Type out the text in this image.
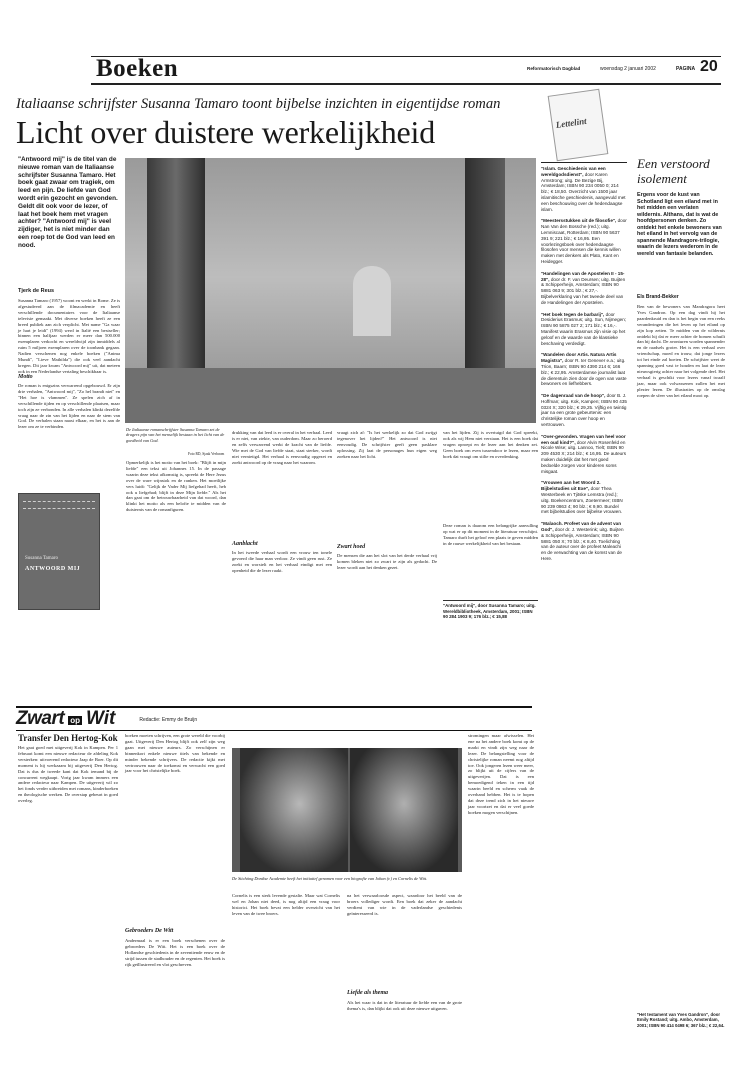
Boeken	Reformatorisch Dagblad	woensdag 2 januari 2002	PAGINA 20
Italiaanse schrijfster Susanna Tamaro toont bijbelse inzichten in eigentijdse roman
Licht over duistere werkelijkheid
"Antwoord mij" is de titel van de nieuwe roman van de Italiaanse schrijfster Susanna Tamaro. Het boek gaat zwaar om tragiek, om leed en pijn. De liefde van God wordt erin gezocht en gevonden. Geldt dit ook voor de lezer, of laat het boek hem met vragen achter? "Antwoord mij" is veel zijdiger, het is niet minder dan een roep tot de God van leed en nood.
Tjerk de Reus
Susanna Tamaro (1957) woont en werkt in Rome. Ze is afgestudeerd aan de filmacademie en heeft verschillende documentaires voor de Italiaanse televisie gemaakt. Met diverse boeken heeft ze een breed publiek aan zich verplicht. Met name "Ga waar je hart je leidt" (1994) werd in Italië een bestseller; binnen een halfjaar werden er meer dan 500.000 exemplaren verkocht en wereldwijd zijn inmiddels al ruim 5 miljoen exemplaren over de toonbank gegaan. Nadien verschenen nog enkele boeken ("Anima Mundi", "Lieve Mathilda") die ook veel aandacht kregen. Dit jaar kwam "Antwoord mij" uit, dat meteen ook in een Nederlandse vertaling beschikbaar is.
Motto
De roman is enigszins verwarrend opgebouwd. Er zijn drie verhalen, "Antwoord mij", "Zo hel brandt niet" en "Het hoe is vlammen". Ze spelen zich af in verschillende tijden en op verschillende plaatsen, maar toch zijn ze verbonden. In alle verhalen klinkt dezelfde vraag naar de zin van het lijden en naar de stem van God. De verhalen staan naast elkaar, en het is aan de lezer om ze te verbinden.
Susanna Tamaro
ANTWOORD MIJ
De Italiaanse romanschrijfster Susanna Tamaro zet de dragers pijn van het menselijk bestaan in het licht van de goedheid van God.
Foto RD, Sjaak Verboom
Opmerkelijk is het motto van het boek: "Blijft in mijn liefde" een tekst uit Johannes 15. In de passage waarin deze tekst afkomstig is, spreekt de Here Jezus over de ware wijnstok en de ranken. Het moeilijke vers luidt: "Gelijk de Vader Mij liefgehad heeft, heb ook u liefgehad; blijft in deze Mijn liefde." Als het dan gaat om de betrouwbaarheid van dat woord, dan klinkt het motto als een belofte te midden van de duisternis van de romanfiguren.
drukking van dat leed is er overal in het verhaal. Leed is er niet, van ziekte, van ouderdom. Maar zo beroerd en zelfs verwarrend werkt de kracht van de liefde. Wie met de God van liefde staat, staat sterker, wordt niet vernietigd. Het verhaal is eenvoudig opgezet en zoekt antwoord op de vraag naar het waarom.
Aanblacht
In het tweede verhaal wordt een vrouw ten tonele gevoerd die haar man verloor. Ze vindt geen rust. Ze zoekt en worstelt en het verhaal eindigt met een openheid die de lezer raakt.
vraagt zich af: "Is het werkelijk zo dat God zwijgt tegenover het lijden?" Het antwoord is niet eenvoudig. De schrijfster geeft geen pasklare oplossing. Zij laat de personages hun eigen weg zoeken naar het licht.
Zwart hoed
De mensen die aan het slot van het derde verhaal vrij komen bleken niet zo zwart te zijn als gedacht. De lezer wordt aan het denken gezet.
van het lijden. Zij is overtuigd dat God spreekt, ook als wij Hem niet verstaan. Het is een boek dat vragen oproept en de lezer aan het denken zet. Geen boek om even tussendoor te lezen, maar een boek dat vraagt om stilte en overdenking.
Deze roman is daarom een belangrijke aanvulling op wat er op dit moment in de literatuur verschijnt. Tamaro durft het geloof een plaats te geven midden in de rauwe werkelijkheid van het bestaan.
"Antwoord mij", door Susanna Tamaro; uitg. Wereldbibliotheek, Amsterdam, 2001; ISBN 90 284 1903 9; 176 blz.; € 15,88
Lettelint
"Islam. Geschiedenis van een wereldgodsdienst", door Karen Armstrong; uitg. De Bezige Bij, Amsterdam; ISBN 90 234 0050 0; 214 blz.; € 18,50. Overzicht van 1500 jaar islamitische geschiedenis, aangevuld met een beschouwing over de hedendaagse islam.
"Meestersstukken uit de filosofie", door Nan Van den Bossche (red.); uitg. Lemniscaat, Rotterdam; ISBN 90 5637 391 9; 221 blz.; € 16,95. Een voorlezingsboek over hedendaagse filosofen voor mensen die kennis willen maken met denkers als Plato, Kant en Heidegger.
"Handelingen van de Apostelen II - 15-28", door dr. F. van Deursen; uitg. Buijten & Schipperheijn, Amsterdam; ISBN 90 5881 063 9; 301 blz.; € 27,-. Bijbelverklaring van het tweede deel van de Handelingen der Apostelen.
"Het boek tegen de barbarij", door Desiderius Erasmus; uitg. Sun, Nijmegen; ISBN 90 5875 027 2; 171 blz.; € 16,-. Manifest waarin Erasmus zijn visie op het geloof en de waarde van de klassieke beschaving verdedigt.
"Wandelen door Artis. Natura Artis Magistra", door R. ter Genever e.a.; uitg. Trion, Baarn; ISBN 90 4390 214 6; 166 blz.; € 22,95. Amsterdamse journalist laat de dierentuin zien door de ogen van vaste bewoners en liefhebbers.
"De dagenraad van de hoop", door B. J. Hoffman; uitg. Kok, Kampen; ISBN 90 435 0324 X; 320 blz.; € 29,25. Vijftig en twintig jaar na een grote gebeurtenis: een christelijke roman over hoop en vertrouwen.
"Over-gevonden. Vragen van heel voor een oud kind?", door Alvin Rosenfeld en Nicole Wise; uitg. Lannoo, Tielt; ISBN 90 209 4530 X; 214 blz.; € 16,95. De auteurs maken duidelijk dat het met goed bedoelde zorgen voor kinderen soms misgaat.
"Vrouwen aan het Woord 2. Bijbelstudies uit Exe", door Thea Westerbeek en Tjitske Lemstra (red.); uitg. Boekencentrum, Zoetermeer; ISBN 90 239 0863 4; 90 blz.; € 9,90. Bundel met bijbelstudies over bijbelse vrouwen.
"Malaoch. Profeet van de advent van God", door dr. J. Westerink; uitg. Buijten & Schipperheijn, Amsterdam; ISBN 90 5881 050 X; 70 blz.; € 8,40. Toelichting van de auteur over de profeet Maleachi en de verwachting van de komst van de Here.
Een verstoord isolement
Ergens voor de kust van Schotland ligt een eiland met in het midden een verlaten wildernis. Althans, dat is wat de hoofdpersonen denken. Zo ontdekt het enkele bewoners van het eiland in het vervolg van de spannende Mandragore-trilogie, waarin de lezers wederom in de wereld van fantasie belanden.
Els Brand-Bekker
Ben van de bewoners van Mandragora heet Yves Gandron. Op een dag vindt hij het paardenkruid en dan is het begin van een reeks veranderingen die het leven op het eiland op zijn kop zetten. Te midden van de wildernis ontdekt hij dat er meer achter de bomen schuilt dan hij dacht. De avonturen worden spannender en de raadsels groter. Het is een verhaal over vriendschap, moed en trouw, dat jonge lezers tot het einde zal boeien. De schrijfster weet de spanning goed vast te houden en laat de lezer nieuwsgierig achter naar het volgende deel. Het verhaal is geschikt voor lezers vanaf twaalf jaar, maar ook volwassenen zullen het met plezier lezen. De illustraties op de omslag roepen de sfeer van het eiland mooi op.
"Het testament van Yves Gandron", door Emily Rostand; uitg. Ambo, Amsterdam, 2001; ISBN 90 414 0498 6; 367 blz.; € 22,64.
Zwart op Wit	Redactie: Emmy de Bruijn
Transfer Den Hertog-Kok
Het gaat goed met uitgeverij Kok in Kampen. Per 1 februari komt een nieuwe redacteur de afdeling Kok versterken: uitvoerend redacteur Jaap de Boer. Op dit moment is hij werkzaam bij uitgeverij Den Hertog. Dat is dus de tweede kant dat Kok iemand bij de concurrent wegkaapt. Vorig jaar kwam immers een andere redacteur naar Kampen. De uitgeverij wil zo het fonds verder uitbreiden met romans, kinderboeken en theologische werken. De overstap gebeurt in goed overleg.
boeken moeten schrijven, een grote wereld die voorbij gaat. Uitgeverij Den Hertog blijft ook zelf zijn weg gaan met nieuwe auteurs. Zo verschijnen er binnenkort enkele nieuwe titels van bekende en minder bekende schrijvers. De redactie kijkt met vertrouwen naar de toekomst en verwacht een goed jaar voor het christelijke boek.
Gebroeders De Witt
Andermaal is er een boek verschenen over de gebroeders De Witt. Het is een boek over de Hollandse geschiedenis in de zeventiende eeuw en de strijd tussen de stadhouder en de regenten. Het boek is rijk geïllustreerd en vlot geschreven.
De Stichting Dordtse Academie heeft het initiatief genomen voor een biografie van Johan (r.) en Cornelis de Witt.
Cornelis is een sterk levende gestalte. Maar wat Cornelis wel en Johan niet deed, is nog altijd een vraag voor historici. Het boek bevat een helder overzicht van het leven van de twee broers.
na het verwaarloosde aspect, waardoor het beeld van de broers vollediger wordt. Een boek dat zeker de aandacht verdient van wie in de vaderlandse geschiedenis geïnteresseerd is.
Liefde als thema
Als het waar is dat in de literatuur de liefde een van de grote thema's is, dan blijkt dat ook uit deze nieuwe uitgaven.
stromingen maar afwisselen. Het ene na het andere boek komt op de markt en vindt zijn weg naar de lezer. De belangstelling voor de christelijke roman neemt nog altijd toe. Ook jongeren lezen weer meer, zo blijkt uit de cijfers van de uitgeverijen. Dat is een bemoedigend teken in een tijd waarin beeld en scherm vaak de overhand hebben. Het is te hopen dat deze trend zich in het nieuwe jaar voortzet en dat er veel goede boeken mogen verschijnen.
